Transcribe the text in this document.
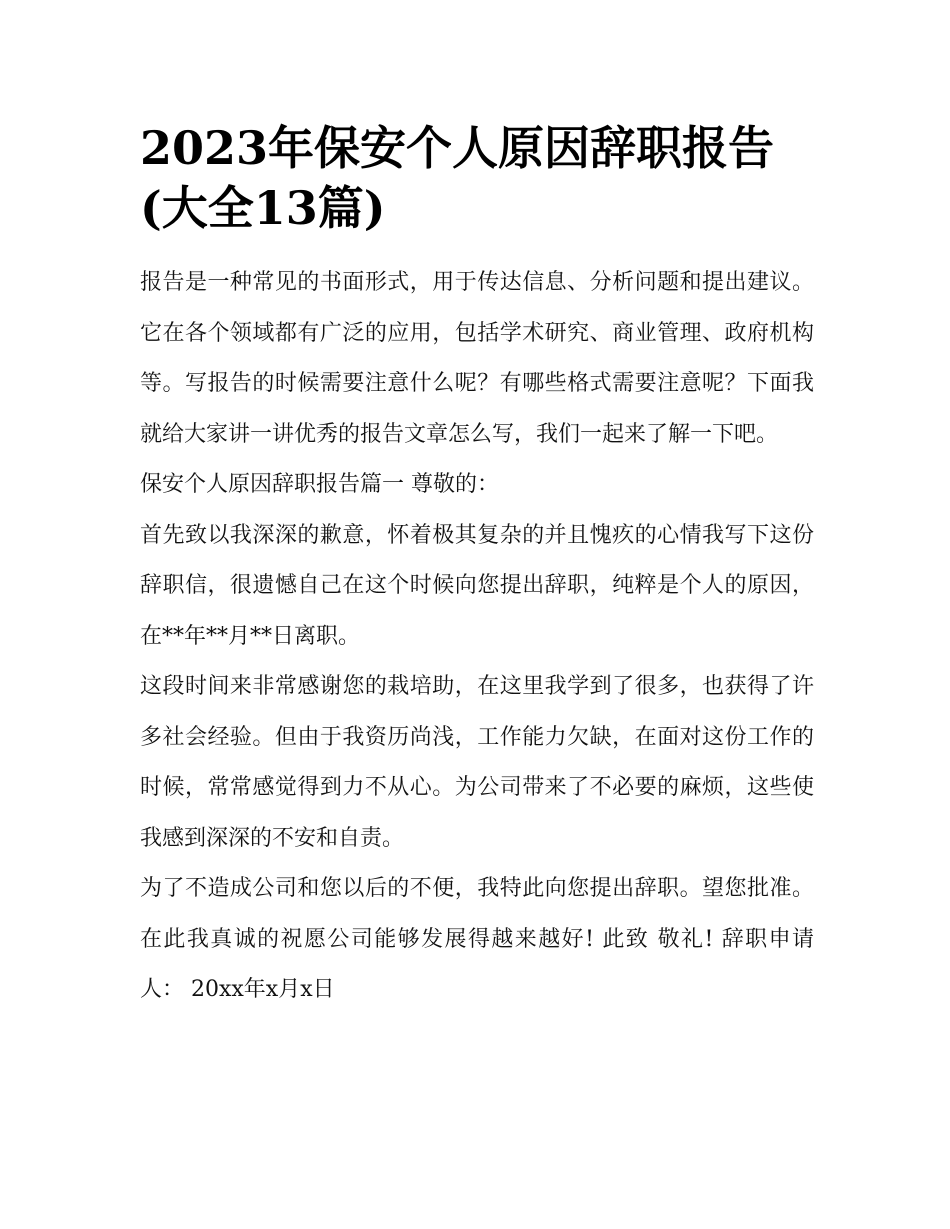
2023年保安个人原因辞职报告(大全13篇)

报告是一种常见的书面形式，用于传达信息、分析问题和提出建议。它在各个领域都有广泛的应用，包括学术研究、商业管理、政府机构等。写报告的时候需要注意什么呢？有哪些格式需要注意呢？下面我就给大家讲一讲优秀的报告文章怎么写，我们一起来了解一下吧。

保安个人原因辞职报告篇一 尊敬的：

首先致以我深深的歉意，怀着极其复杂的并且愧疚的心情我写下这份辞职信，很遗憾自己在这个时候向您提出辞职，纯粹是个人的原因，在**年**月**日离职。

这段时间来非常感谢您的栽培助，在这里我学到了很多，也获得了许多社会经验。但由于我资历尚浅，工作能力欠缺，在面对这份工作的时候，常常感觉得到力不从心。为公司带来了不必要的麻烦，这些使我感到深深的不安和自责。

为了不造成公司和您以后的不便，我特此向您提出辞职。望您批准。 在此我真诚的祝愿公司能够发展得越来越好! 此致 敬礼! 辞职申请人： 20xx年x月x日
